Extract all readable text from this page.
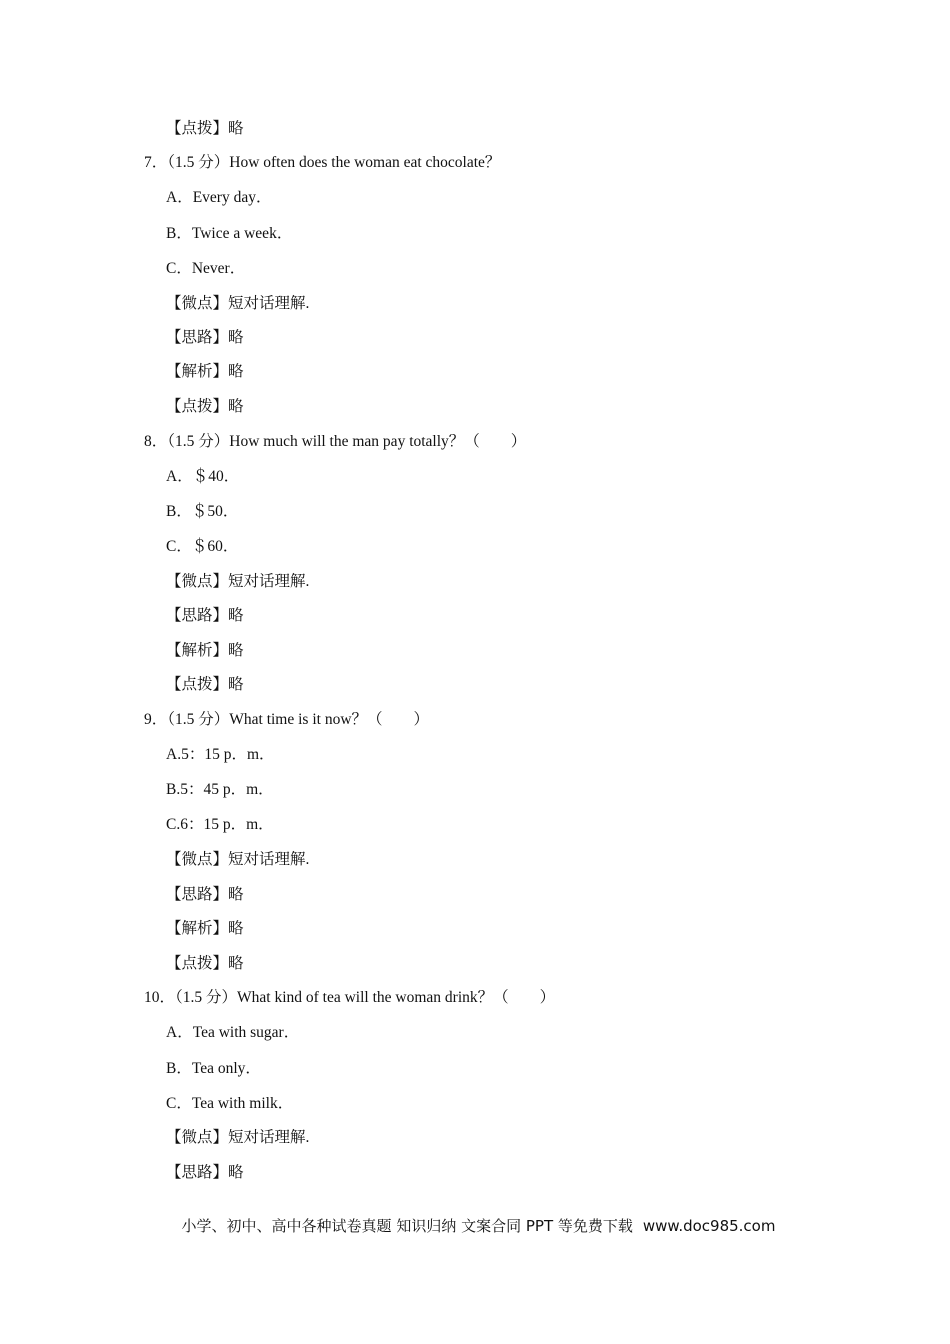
【点拨】略
7．（1.5 分）How often does the woman eat chocolate？
A．Every day．
B．Twice a week．
C．Never．
【微点】短对话理解.
【思路】略
【解析】略
【点拨】略
8．（1.5 分）How much will the man pay totally？（　　）
A．＄40．
B．＄50．
C．＄60．
【微点】短对话理解.
【思路】略
【解析】略
【点拨】略
9．（1.5 分）What time is it now？（　　）
A.5：15 p．m．
B.5：45 p．m．
C.6：15 p．m．
【微点】短对话理解.
【思路】略
【解析】略
【点拨】略
10．（1.5 分）What kind of tea will the woman drink？（　　）
A．Tea with sugar．
B．Tea only．
C．Tea with milk．
【微点】短对话理解.
【思路】略

小学、初中、高中各种试卷真题 知识归纳 文案合同 PPT 等免费下载 www.doc985.com
